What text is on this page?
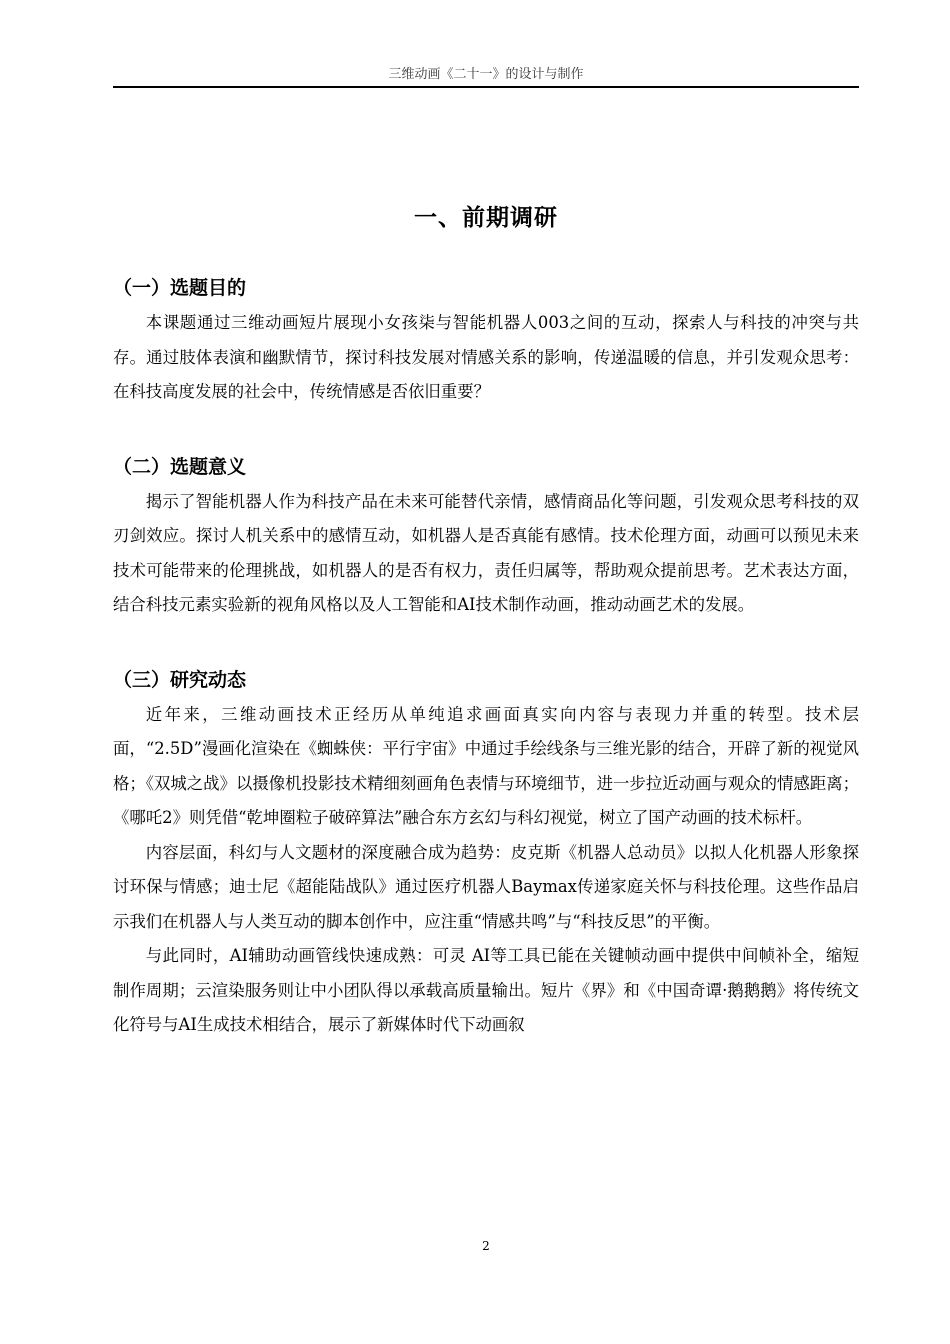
三维动画《二十一》的设计与制作
一、前期调研
（一）选题目的

本课题通过三维动画短片展现小女孩柒与智能机器人003之间的互动，探索人与科技的冲突与共存。通过肢体表演和幽默情节，探讨科技发展对情感关系的影响，传递温暖的信息，并引发观众思考：在科技高度发展的社会中，传统情感是否依旧重要？

（二）选题意义

揭示了智能机器人作为科技产品在未来可能替代亲情，感情商品化等问题，引发观众思考科技的双刃剑效应。探讨人机关系中的感情互动，如机器人是否真能有感情。技术伦理方面，动画可以预见未来技术可能带来的伦理挑战，如机器人的是否有权力，责任归属等，帮助观众提前思考。艺术表达方面，结合科技元素实验新的视角风格以及人工智能和AI技术制作动画，推动动画艺术的发展。

（三）研究动态

近年来，三维动画技术正经历从单纯追求画面真实向内容与表现力并重的转型。技术层面，“2.5D”漫画化渲染在《蜘蛛侠：平行宇宙》中通过手绘线条与三维光影的结合，开辟了新的视觉风格；《双城之战》以摄像机投影技术精细刻画角色表情与环境细节，进一步拉近动画与观众的情感距离；《哪吒2》则凭借“乾坤圈粒子破碎算法”融合东方玄幻与科幻视觉，树立了国产动画的技术标杆。

内容层面，科幻与人文题材的深度融合成为趋势：皮克斯《机器人总动员》以拟人化机器人形象探讨环保与情感；迪士尼《超能陆战队》通过医疗机器人Baymax传递家庭关怀与科技伦理。这些作品启示我们在机器人与人类互动的脚本创作中，应注重“情感共鸣”与“科技反思”的平衡。

与此同时，AI辅助动画管线快速成熟：可灵 AI等工具已能在关键帧动画中提供中间帧补全，缩短制作周期；云渲染服务则让中小团队得以承载高质量输出。短片《界》和《中国奇谭·鹅鹅鹅》将传统文化符号与AI生成技术相结合，展示了新媒体时代下动画叙

2
